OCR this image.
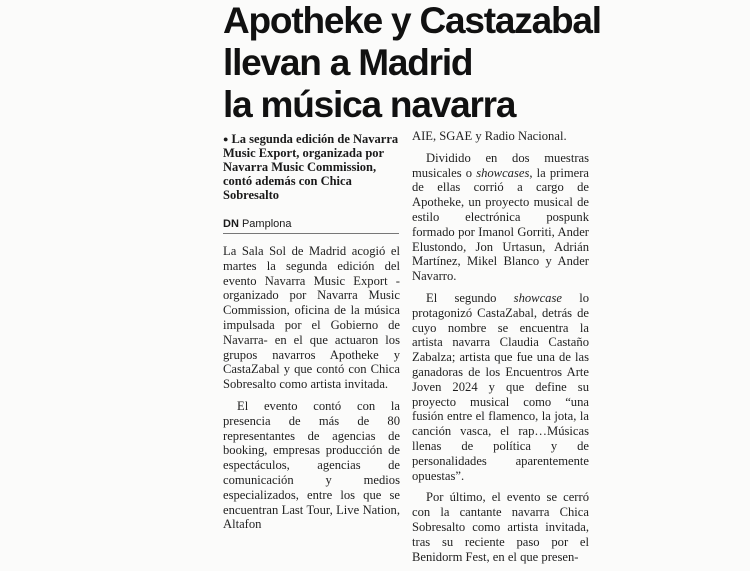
Apotheke y Castazabal
llevan a Madrid
la música navarra
● La segunda edición de Navarra Music Export, organizada por Navarra Music Commission, contó además con Chica Sobresalto
DN Pamplona

La Sala Sol de Madrid acogió el martes la segunda edición del evento Navarra Music Export - organizado por Navarra Music Commission, oficina de la música impulsada por el Gobierno de Navarra- en el que actuaron los grupos navarros Apotheke y CastaZabal y que contó con Chica Sobresalto como artista invitada.

El evento contó con la presencia de más de 80 representantes de agencias de booking, empresas producción de espectáculos, agencias de comunicación y medios especializados, entre los que se encuentran Last Tour, Live Nation, Altafon

AIE, SGAE y Radio Nacional.

Dividido en dos muestras musicales o showcases, la primera de ellas corrió a cargo de Apotheke, un proyecto musical de estilo electrónica pospunk formado por Imanol Gorriti, Ander Elustondo, Jon Urtasun, Adrián Martínez, Mikel Blanco y Ander Navarro.

El segundo showcase lo protagonizó CastaZabal, detrás de cuyo nombre se encuentra la artista navarra Claudia Castaño Zabalza; artista que fue una de las ganadoras de los Encuentros Arte Joven 2024 y que define su proyecto musical como “una fusión entre el flamenco, la jota, la canción vasca, el rap…Músicas llenas de política y de personalidades aparentemente opuestas”.

Por último, el evento se cerró con la cantante navarra Chica Sobresalto como artista invitada, tras su reciente paso por el Benidorm Fest, en el que presen-
